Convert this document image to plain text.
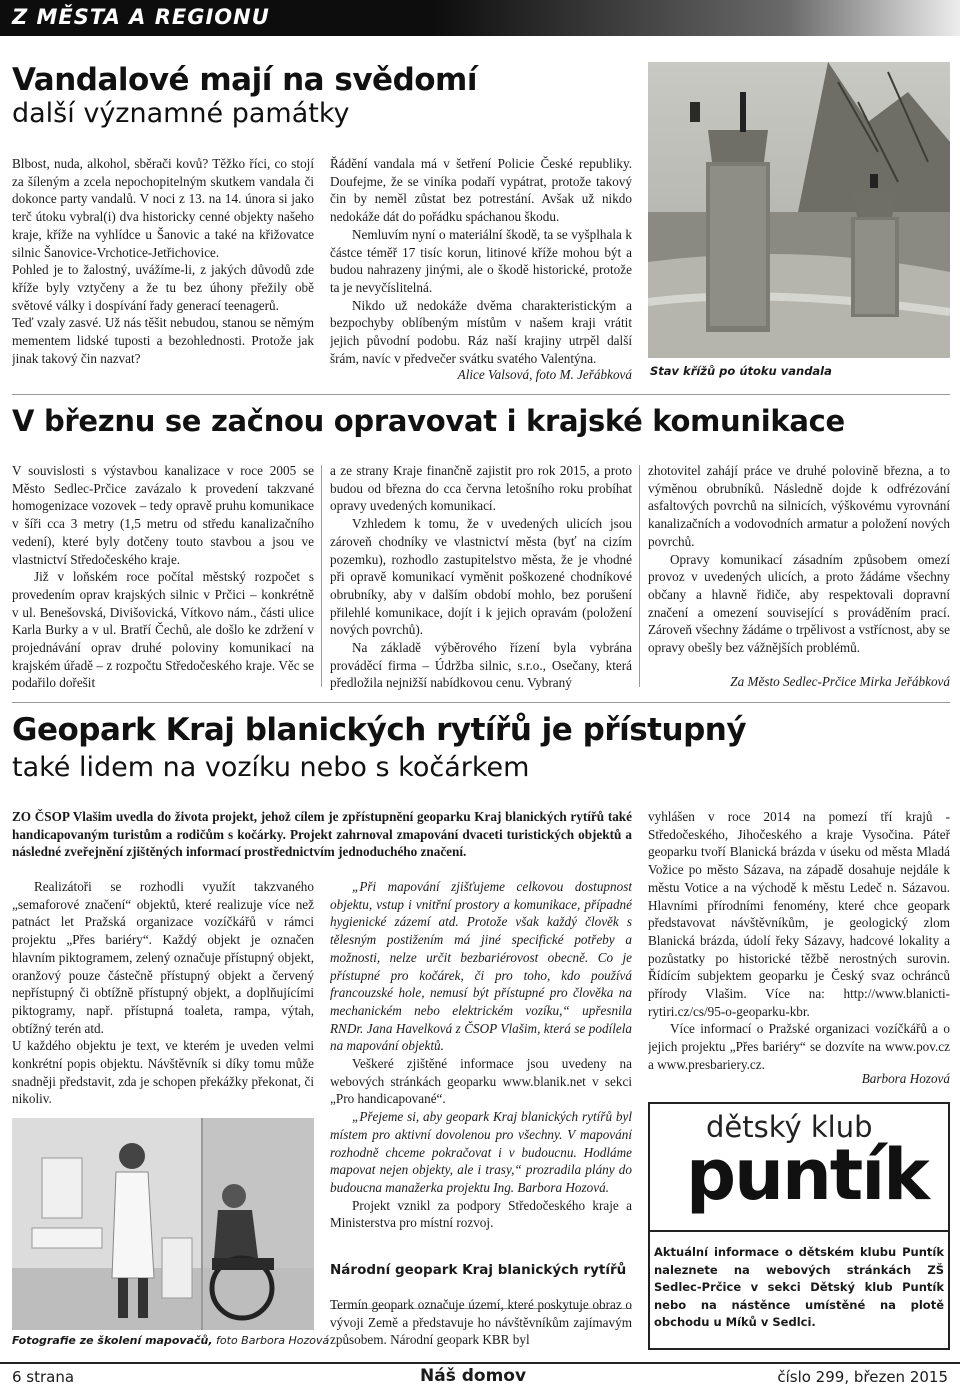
Z MĚSTA A REGIONU
Vandalové mají na svědomí
další významné památky

Blbost, nuda, alkohol, sběrači kovů? Těžko říci, co stojí za šíleným a zcela nepochopitelným skutkem vandala či dokonce party vandalů. V noci z 13. na 14. února si jako terč útoku vybral(i) dva historicky cenné objekty našeho kraje, kříže na vyhlídce u Šanovic a také na křižovatce silnic Šanovice-Vrchotice-Jetřichovice.

Pohled je to žalostný, uvážíme-li, z jakých důvodů zde kříže byly vztyčeny a že tu bez úhony přežily obě světové války i dospívání řady generací teenagerů.

Teď vzaly zasvé. Už nás těšit nebudou, stanou se němým mementem lidské tuposti a bezohlednosti. Protože jak jinak takový čin nazvat?

Řádění vandala má v šetření Policie České republiky. Doufejme, že se viníka podaří vypátrat, protože takový čin by neměl zůstat bez potrestání. Avšak už nikdo nedokáže dát do pořádku spáchanou škodu.

Nemluvím nyní o materiální škodě, ta se vyšplhala k částce téměř 17 tisíc korun, litinové kříže mohou být a budou nahrazeny jinými, ale o škodě historické, protože ta je nevyčíslitelná.

Nikdo už nedokáže dvěma charakteristickým a bezpochyby oblíbeným místům v našem kraji vrátit jejich původní podobu. Ráz naší krajiny utrpěl další šrám, navíc v předvečer svátku svatého Valentýna.

Alice Valsová, foto M. Jeřábková Stav křížů po útoku vandala
V březnu se začnou opravovat i krajské komunikace

V souvislosti s výstavbou kanalizace v roce 2005 se Město Sedlec-Prčice zavázalo k provedení takzvané homogenizace vozovek – tedy opravě pruhu komunikace v šíři cca 3 metry (1,5 metru od středu kanalizačního vedení), které byly dotčeny touto stavbou a jsou ve vlastnictví Středočeského kraje.

Již v loňském roce počítal městský rozpočet s provedením oprav krajských silnic v Prčici – konkrétně v ul. Benešovská, Divišovická, Vítkovo nám., části ulice Karla Burky a v ul. Bratří Čechů, ale došlo ke zdržení v projednávání oprav druhé poloviny komunikací na krajském úřadě – z rozpočtu Středočeského kraje. Věc se podařilo dořešit

a ze strany Kraje finančně zajistit pro rok 2015, a proto budou od března do cca června letošního roku probíhat opravy uvedených komunikací.

Vzhledem k tomu, že v uvedených ulicích jsou zároveň chodníky ve vlastnictví města (byť na cizím pozemku), rozhodlo zastupitelstvo města, že je vhodné při opravě komunikací vyměnit poškozené chodníkové obrubníky, aby v dalším období mohlo, bez porušení přilehlé komunikace, dojít i k jejich opravám (položení nových povrchů).

Na základě výběrového řízení byla vybrána prováděcí firma – Údržba silnic, s.r.o., Osečany, která předložila nejnižší nabídkovou cenu. Vybraný

zhotovitel zahájí práce ve druhé polovině března, a to výměnou obrubníků. Následně dojde k odfrézování asfaltových povrchů na silnicích, výškovému vyrovnání kanalizačních a vodovodních armatur a položení nových povrchů.

Opravy komunikací zásadním způsobem omezí provoz v uvedených ulicích, a proto žádáme všechny občany a hlavně řidiče, aby respektovali dopravní značení a omezení související s prováděním prací. Zároveň všechny žádáme o trpělivost a vstřícnost, aby se opravy obešly bez vážnějších problémů.

Za Město Sedlec-Prčice Mirka Jeřábková
Geopark Kraj blanických rytířů je přístupný
také lidem na vozíku nebo s kočárkem
ZO ČSOP Vlašim uvedla do života projekt, jehož cílem je zpřístupnění geoparku Kraj blanických rytířů také handicapovaným turistům a rodičům s kočárky. Projekt zahrnoval zmapování dvaceti turistických objektů a následné zveřejnění zjištěných informací prostřednictvím jednoduchého značení.

Realizátoři se rozhodli využít takzvaného „semaforové značení“ objektů, které realizuje více než patnáct let Pražská organizace vozíčkářů v rámci projektu „Přes bariéry“. Každý objekt je označen hlavním piktogramem, zelený označuje přístupný objekt, oranžový pouze částečně přístupný objekt a červený nepřístupný či obtížně přístupný objekt, a doplňujícími piktogramy, např. přístupná toaleta, rampa, výtah, obtížný terén atd.

U každého objektu je text, ve kterém je uveden velmi konkrétní popis objektu. Návštěvník si díky tomu může snadněji představit, zda je schopen překážky překonat, či nikoliv.

Fotografie ze školení mapovačů, foto Barbora Hozová

„Při mapování zjišťujeme celkovou dostupnost objektu, vstup i vnitřní prostory a komunikace, případné hygienické zázemí atd. Protože však každý člověk s tělesným postižením má jiné specifické potřeby a možnosti, nelze určit bezbariérovost obecně. Co je přístupné pro kočárek, či pro toho, kdo používá francouzské hole, nemusí být přístupné pro člověka na mechanickém nebo elektrickém vozíku,“ upřesnila RNDr. Jana Havelková z ČSOP Vlašim, která se podílela na mapování objektů.

Veškeré zjištěné informace jsou uvedeny na webových stránkách geoparku www.blanik.net v sekci „Pro handicapované“.

„Přejeme si, aby geopark Kraj blanických rytířů byl místem pro aktivní dovolenou pro všechny. V mapování rozhodně chceme pokračovat i v budoucnu. Hodláme mapovat nejen objekty, ale i trasy,“ prozradila plány do budoucna manažerka projektu Ing. Barbora Hozová.

Projekt vznikl za podpory Středočeského kraje a Ministerstva pro místní rozvoj.

Národní geopark Kraj blanických rytířů
Termín geopark označuje území, které poskytuje obraz o vývoji Země a představuje ho návštěvníkům zajímavým způsobem. Národní geopark KBR byl

vyhlášen v roce 2014 na pomezí tří krajů - Středočeského, Jihočeského a kraje Vysočina. Páteř geoparku tvoří Blanická brázda v úseku od města Mladá Vožice po město Sázava, na západě dosahuje nejdále k městu Votice a na východě k městu Ledeč n. Sázavou. Hlavními přírodními fenomény, které chce geopark představovat návštěvníkům, je geologický zlom Blanická brázda, údolí řeky Sázavy, hadcové lokality a pozůstatky po historické těžbě nerostných surovin. Řídícím subjektem geoparku je Český svaz ochránců přírody Vlašim. Více na: http://www.blanicti-rytiri.cz/cs/95-o-geoparku-kbr.

Více informací o Pražské organizaci vozíčkářů a o jejich projektu „Přes bariéry“ se dozvíte na www.pov.cz a www.presbariery.cz.

Barbora Hozová
dětský klub
puntík
Aktuální informace o dětském klubu Puntík naleznete na webových stránkách ZŠ Sedlec-Prčice v sekci Dětský klub Puntík nebo na nástěnce umístěné na plotě obchodu u Míků v Sedlci.
6 strana	Náš domov	číslo 299, březen 2015
